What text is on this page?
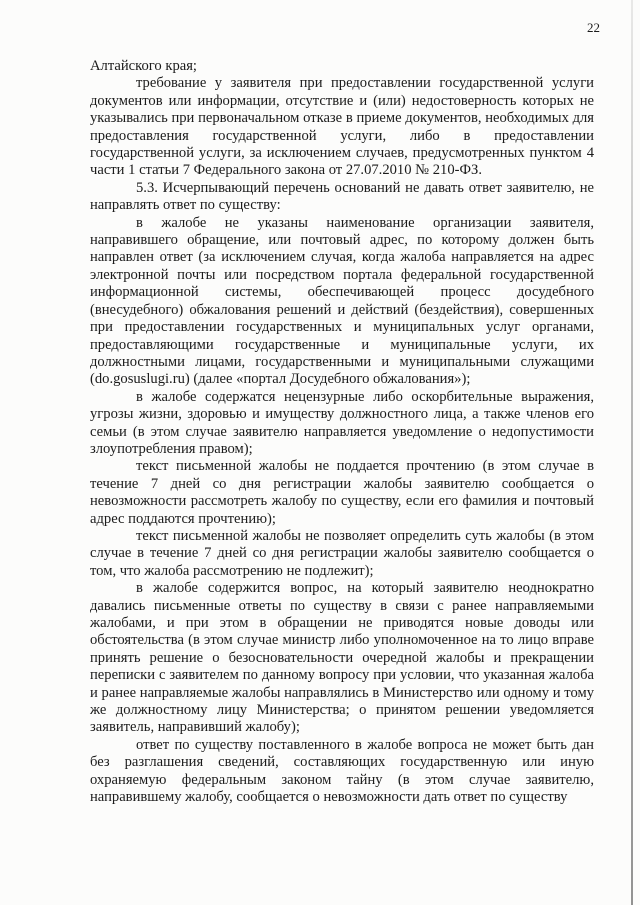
22

Алтайского края;

требование у заявителя при предоставлении государственной услуги документов или информации, отсутствие и (или) недостоверность которых не указывались при первоначальном отказе в приеме документов, необходимых для предоставления государственной услуги, либо в предоставлении государственной услуги, за исключением случаев, предусмотренных пунктом 4 части 1 статьи 7 Федерального закона от 27.07.2010 № 210-ФЗ.

5.3. Исчерпывающий перечень оснований не давать ответ заявителю, не направлять ответ по существу:

в жалобе не указаны наименование организации заявителя, направившего обращение, или почтовый адрес, по которому должен быть направлен ответ (за исключением случая, когда жалоба направляется на адрес электронной почты или посредством портала федеральной государственной информационной системы, обеспечивающей процесс досудебного (внесудебного) обжалования решений и действий (бездействия), совершенных при предоставлении государственных и муниципальных услуг органами, предоставляющими государственные и муниципальные услуги, их должностными лицами, государственными и муниципальными служащими (do.gosuslugi.ru) (далее «портал Досудебного обжалования»);

в жалобе содержатся нецензурные либо оскорбительные выражения, угрозы жизни, здоровью и имуществу должностного лица, а также членов его семьи (в этом случае заявителю направляется уведомление о недопустимости злоупотребления правом);

текст письменной жалобы не поддается прочтению (в этом случае в течение 7 дней со дня регистрации жалобы заявителю сообщается о невозможности рассмотреть жалобу по существу, если его фамилия и почтовый адрес поддаются прочтению);

текст письменной жалобы не позволяет определить суть жалобы (в этом случае в течение 7 дней со дня регистрации жалобы заявителю сообщается о том, что жалоба рассмотрению не подлежит);

в жалобе содержится вопрос, на который заявителю неоднократно давались письменные ответы по существу в связи с ранее направляемыми жалобами, и при этом в обращении не приводятся новые доводы или обстоятельства (в этом случае министр либо уполномоченное на то лицо вправе принять решение о безосновательности очередной жалобы и прекращении переписки с заявителем по данному вопросу при условии, что указанная жалоба и ранее направляемые жалобы направлялись в Министерство или одному и тому же должностному лицу Министерства; о принятом решении уведомляется заявитель, направивший жалобу);

ответ по существу поставленного в жалобе вопроса не может быть дан без разглашения сведений, составляющих государственную или иную охраняемую федеральным законом тайну (в этом случае заявителю, направившему жалобу, сообщается о невозможности дать ответ по существу
